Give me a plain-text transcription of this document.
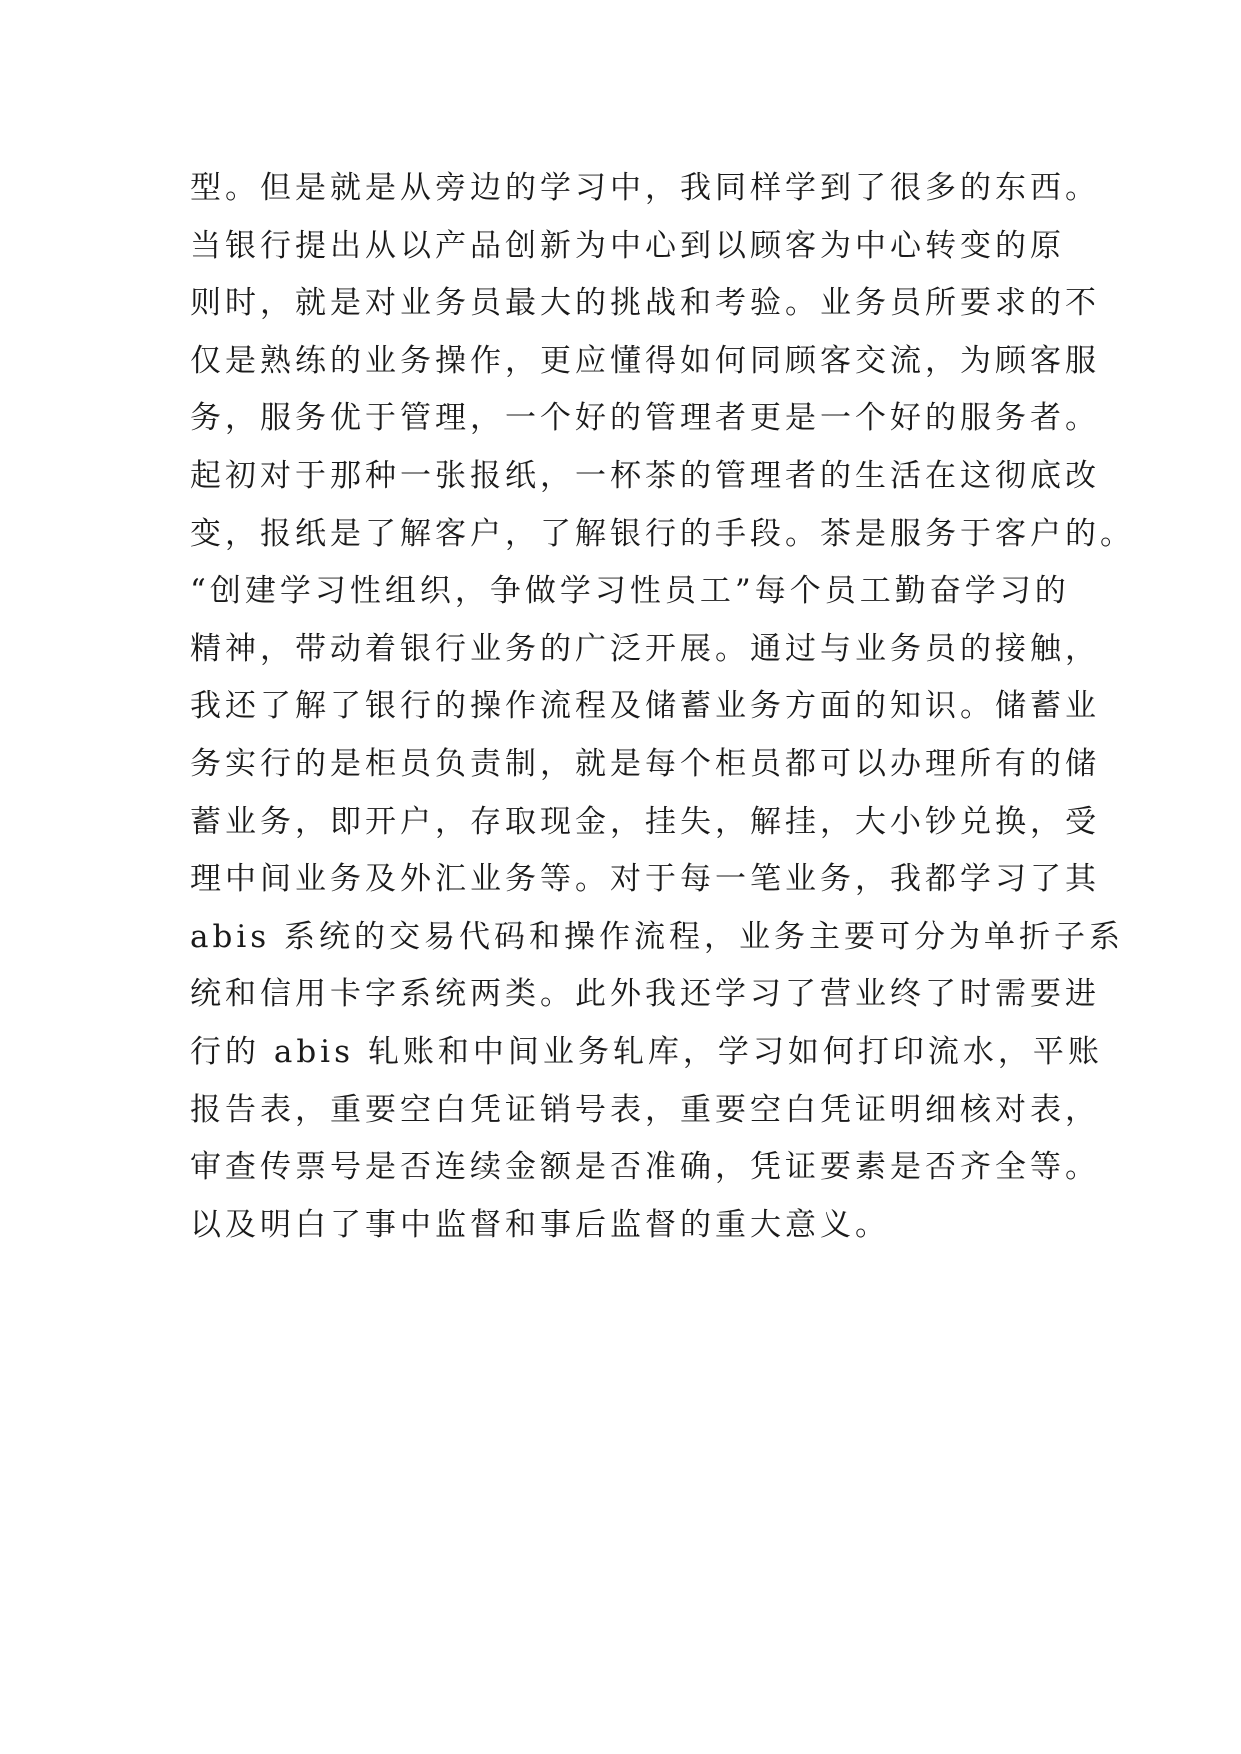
型。但是就是从旁边的学习中，我同样学到了很多的东西。
当银行提出从以产品创新为中心到以顾客为中心转变的原
则时，就是对业务员最大的挑战和考验。业务员所要求的不
仅是熟练的业务操作，更应懂得如何同顾客交流，为顾客服
务，服务优于管理，一个好的管理者更是一个好的服务者。
起初对于那种一张报纸，一杯茶的管理者的生活在这彻底改
变，报纸是了解客户，了解银行的手段。茶是服务于客户的。
“创建学习性组织，争做学习性员工”每个员工勤奋学习的
精神，带动着银行业务的广泛开展。通过与业务员的接触，
我还了解了银行的操作流程及储蓄业务方面的知识。储蓄业
务实行的是柜员负责制，就是每个柜员都可以办理所有的储
蓄业务，即开户，存取现金，挂失，解挂，大小钞兑换，受
理中间业务及外汇业务等。对于每一笔业务，我都学习了其
abis 系统的交易代码和操作流程，业务主要可分为单折子系
统和信用卡字系统两类。此外我还学习了营业终了时需要进
行的 abis 轧账和中间业务轧库，学习如何打印流水，平账
报告表，重要空白凭证销号表，重要空白凭证明细核对表，
审查传票号是否连续金额是否准确，凭证要素是否齐全等。
以及明白了事中监督和事后监督的重大意义。
